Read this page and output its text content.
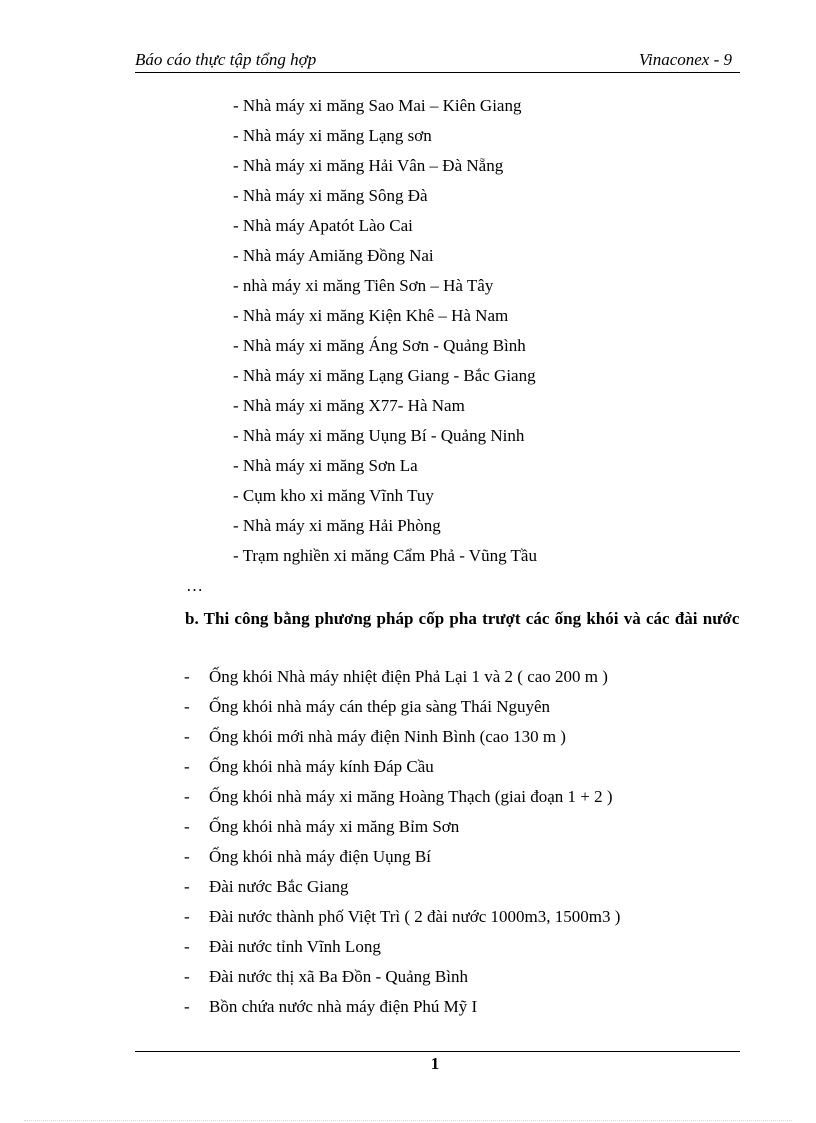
Báo cáo thực tập tổng hợp	Vinaconex - 9
- Nhà máy xi măng Sao Mai – Kiên Giang
- Nhà máy xi măng Lạng sơn
- Nhà máy xi măng Hải Vân – Đà Nẵng
- Nhà máy xi măng Sông Đà
- Nhà máy Apatót Lào Cai
- Nhà máy Amiăng Đồng Nai
- nhà máy xi măng Tiên Sơn – Hà Tây
- Nhà máy xi măng Kiện Khê – Hà Nam
- Nhà máy xi măng Áng Sơn - Quảng Bình
- Nhà máy xi măng Lạng Giang - Bắc Giang
- Nhà máy xi măng X77- Hà Nam
- Nhà máy xi măng Uụng Bí - Quảng Ninh
- Nhà máy xi măng Sơn La
- Cụm kho xi măng Vĩnh Tuy
- Nhà máy xi măng Hải Phòng
- Trạm nghiền xi măng Cẩm Phả - Vũng Tầu
…
b. Thi công bằng phương pháp cốp pha trượt các ống khói và các đài nước
- Ống khói Nhà máy nhiệt điện Phả Lại 1 và 2 ( cao 200 m )
- Ống khói nhà máy cán thép gia sàng Thái Nguyên
- Ống khói mới nhà máy điện Ninh Bình (cao 130 m )
- Ống khói nhà máy kính Đáp Cầu
- Ống khói nhà máy xi măng Hoàng Thạch (giai đoạn 1 + 2 )
- Ống khói nhà máy xi măng Bỉm Sơn
- Ống khói nhà máy điện Uụng Bí
- Đài nước Bắc Giang
- Đài nước thành phố Việt Trì ( 2 đài nước 1000m3, 1500m3 )
- Đài nước tỉnh Vĩnh Long
- Đài nước thị xã Ba Đồn - Quảng Bình
- Bồn chứa nước nhà máy điện Phú Mỹ I
1
